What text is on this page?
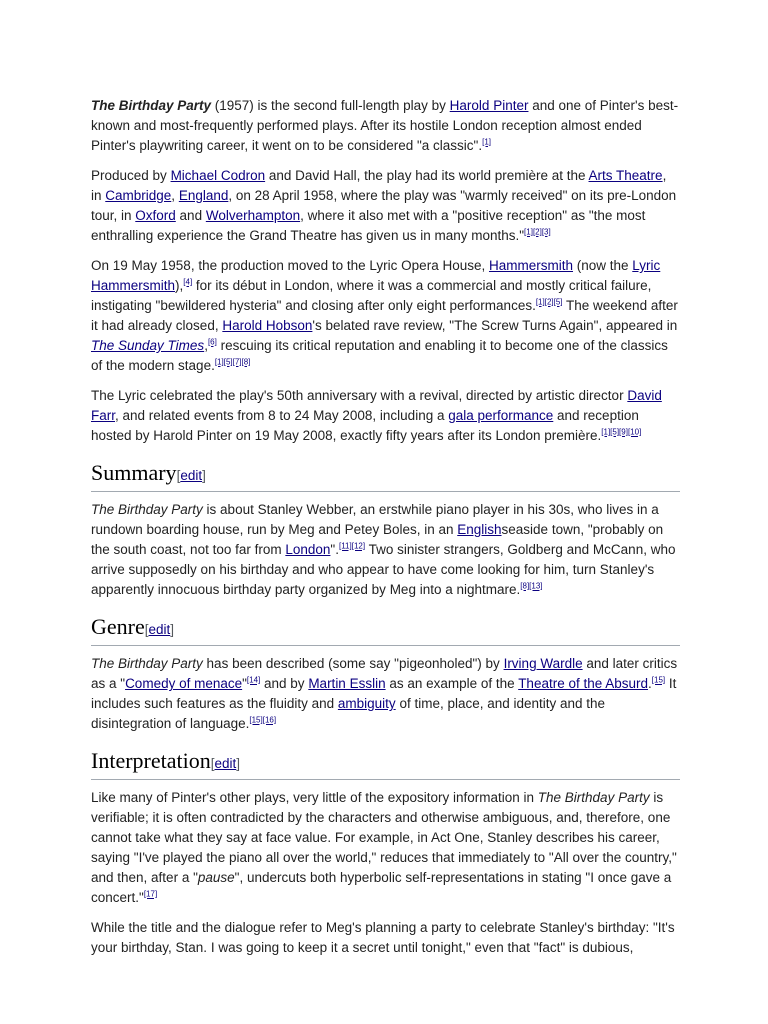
The Birthday Party (1957) is the second full-length play by Harold Pinter and one of Pinter's best-known and most-frequently performed plays. After its hostile London reception almost ended Pinter's playwriting career, it went on to be considered "a classic".[1]

Produced by Michael Codron and David Hall, the play had its world première at the Arts Theatre, in Cambridge, England, on 28 April 1958, where the play was "warmly received" on its pre-London tour, in Oxford and Wolverhampton, where it also met with a "positive reception" as "the most enthralling experience the Grand Theatre has given us in many months."[1][2][3]

On 19 May 1958, the production moved to the Lyric Opera House, Hammersmith (now the Lyric Hammersmith),[4] for its début in London, where it was a commercial and mostly critical failure, instigating "bewildered hysteria" and closing after only eight performances.[1][2][5] The weekend after it had already closed, Harold Hobson's belated rave review, "The Screw Turns Again", appeared in The Sunday Times,[6] rescuing its critical reputation and enabling it to become one of the classics of the modern stage.[1][5][7][8]

The Lyric celebrated the play's 50th anniversary with a revival, directed by artistic director David Farr, and related events from 8 to 24 May 2008, including a gala performance and reception hosted by Harold Pinter on 19 May 2008, exactly fifty years after its London première.[1][5][9][10]

Summary[edit]

The Birthday Party is about Stanley Webber, an erstwhile piano player in his 30s, who lives in a rundown boarding house, run by Meg and Petey Boles, in an Englishseaside town, "probably on the south coast, not too far from London".[11][12] Two sinister strangers, Goldberg and McCann, who arrive supposedly on his birthday and who appear to have come looking for him, turn Stanley's apparently innocuous birthday party organized by Meg into a nightmare.[8][13]

Genre[edit]

The Birthday Party has been described (some say "pigeonholed") by Irving Wardle and later critics as a "Comedy of menace"[14] and by Martin Esslin as an example of the Theatre of the Absurd.[15] It includes such features as the fluidity and ambiguity of time, place, and identity and the disintegration of language.[15][16]

Interpretation[edit]

Like many of Pinter's other plays, very little of the expository information in The Birthday Party is verifiable; it is often contradicted by the characters and otherwise ambiguous, and, therefore, one cannot take what they say at face value. For example, in Act One, Stanley describes his career, saying "I've played the piano all over the world," reduces that immediately to "All over the country," and then, after a "pause", undercuts both hyperbolic self-representations in stating "I once gave a concert."[17]

While the title and the dialogue refer to Meg's planning a party to celebrate Stanley's birthday: "It's your birthday, Stan. I was going to keep it a secret until tonight," even that "fact" is dubious,
